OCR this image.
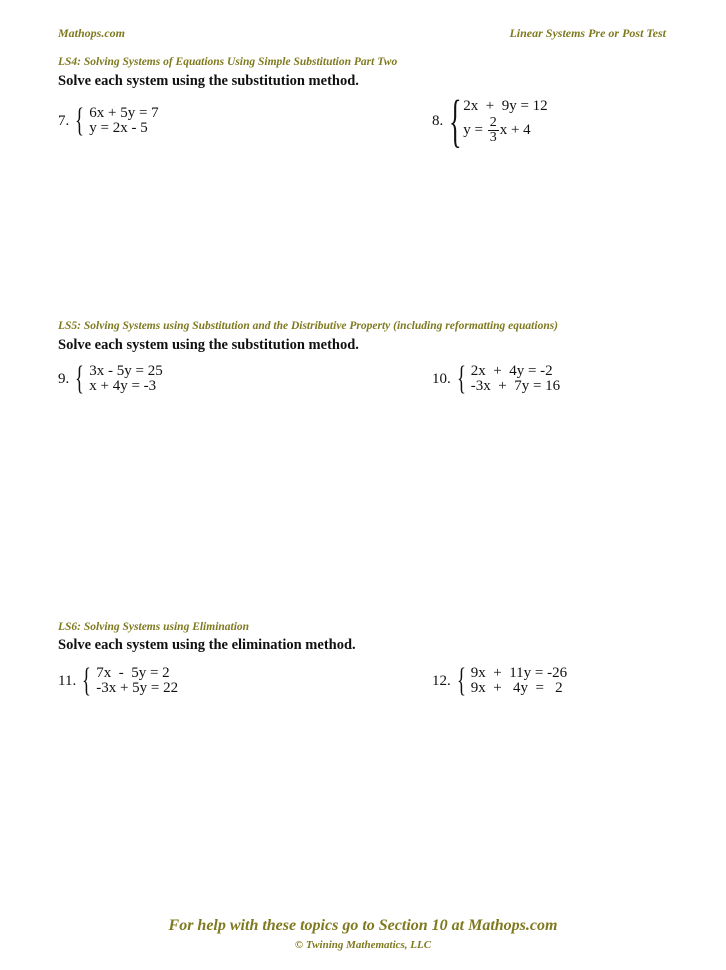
Mathops.com	Linear Systems Pre or Post Test
LS4: Solving Systems of Equations Using Simple Substitution Part Two
Solve each system using the substitution method.
7. { 6x + 5y = 7
y = 2x - 5	8. { 2x  +  9y = 12
$y = \frac{2}{3}$ x + 4
LS5: Solving Systems using Substitution and the Distributive Property (including reformatting equations)
Solve each system using the substitution method.
9. { 3x - 5y = 25
x + 4y = -3	10. { 2x  +  4y = -2
-3x  +  7y = 16
LS6: Solving Systems using Elimination
Solve each system using the elimination method.
11. { 7x  -  5y = 2
-3x + 5y = 22	12. { 9x  +  11y = -26
9x  +   4y  =   2
For help with these topics go to Section 10 at Mathops.com
© Twining Mathematics, LLC
